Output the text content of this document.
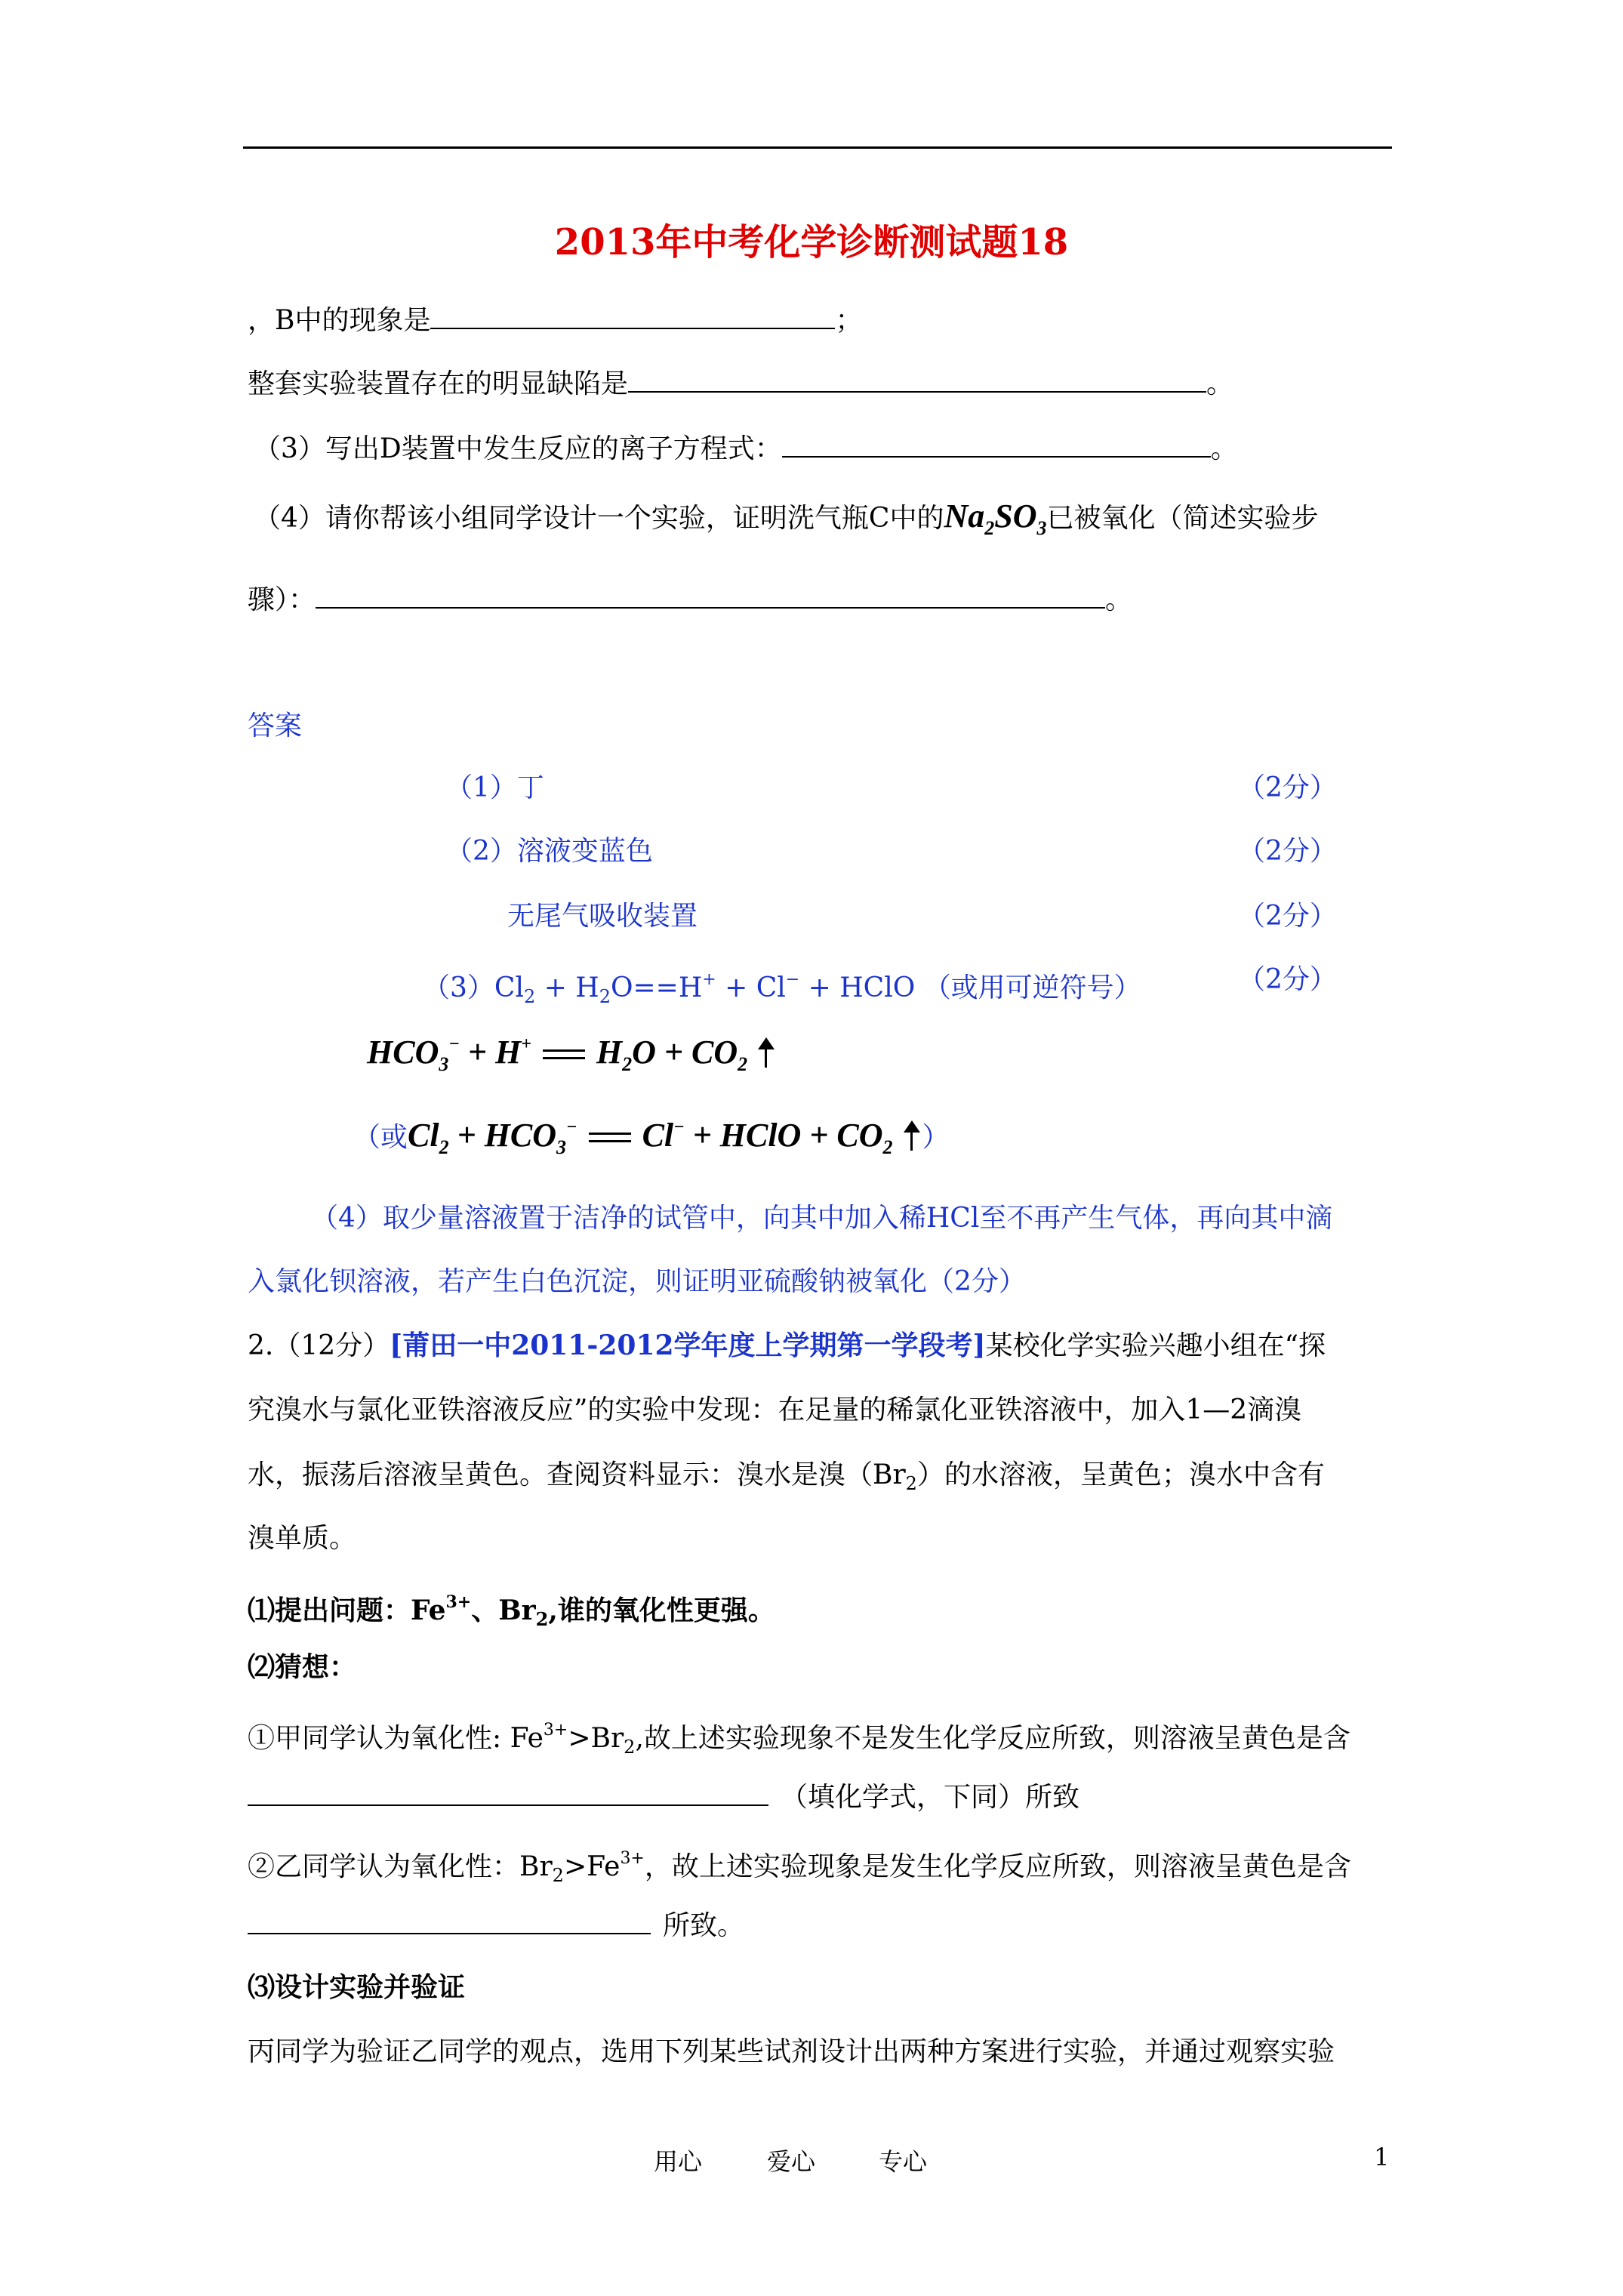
2013年中考化学诊断测试题18
，B中的现象是	；
整套实验装置存在的明显缺陷是	。
（3）写出D装置中发生反应的离子方程式：	。
（4）请你帮该小组同学设计一个实验，证明洗气瓶C中的$Na_2SO_3$已被氧化（简述实验步
骤）：	。
答案
（1）丁	（2分）
（2）溶液变蓝色	（2分）
无尾气吸收装置	（2分）
$(3)Cl_2 + H_2O==H^+ + Cl^-$ + HClO （或用可逆符号）	（2分）
$HCO_3^- + H^+$  $H_2O + CO_2$
（或$Cl_2 + HCO_3^-$  Cl− + HClO + $CO_2$ ）
（4）取少量溶液置于洁净的试管中，向其中加入稀HCl至不再产生气体，再向其中滴
入氯化钡溶液，若产生白色沉淀，则证明亚硫酸钠被氧化（2分）
2.（12分）[莆田一中2011-2012学年度上学期第一学段考]某校化学实验兴趣小组在“探
究溴水与氯化亚铁溶液反应”的实验中发现：在足量的稀氯化亚铁溶液中，加入1—2滴溴
水，振荡后溶液呈黄色。查阅资料显示：溴水是溴$(Br_2)$的水溶液，呈黄色；溴水中含有
溴单质。
⑴提出问题：$Fe^{3+}$、$Br_2$,谁的氧化性更强。
⑵猜想：
①甲同学认为氧化性: $Fe^{3+}>Br_2$,故上述实验现象不是发生化学反应所致，则溶液呈黄色是含
（填化学式，下同）所致
②乙同学认为氧化性：$Br_2>Fe^{3+}$，故上述实验现象是发生化学反应所致，则溶液呈黄色是含
所致。
⑶设计实验并验证
丙同学为验证乙同学的观点，选用下列某些试剂设计出两种方案进行实验，并通过观察实验
用心	爱心	专心	1
